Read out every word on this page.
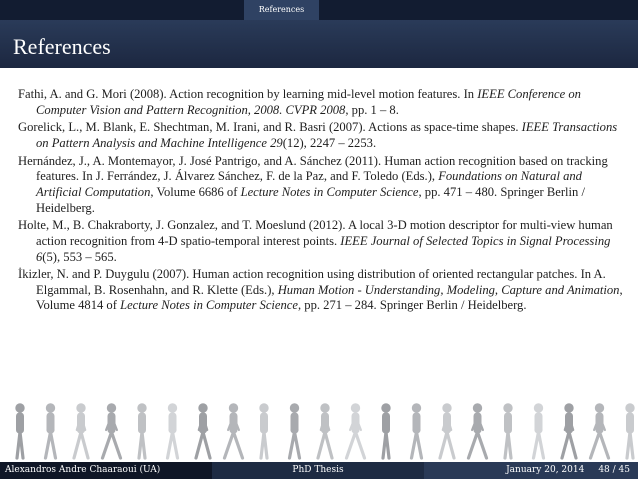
References
References
Fathi, A. and G. Mori (2008). Action recognition by learning mid-level motion features. In IEEE Conference on Computer Vision and Pattern Recognition, 2008. CVPR 2008, pp. 1 – 8.
Gorelick, L., M. Blank, E. Shechtman, M. Irani, and R. Basri (2007). Actions as space-time shapes. IEEE Transactions on Pattern Analysis and Machine Intelligence 29(12), 2247 – 2253.
Hernández, J., A. Montemayor, J. José Pantrigo, and A. Sánchez (2011). Human action recognition based on tracking features. In J. Ferrández, J. Álvarez Sánchez, F. de la Paz, and F. Toledo (Eds.), Foundations on Natural and Artificial Computation, Volume 6686 of Lecture Notes in Computer Science, pp. 471 – 480. Springer Berlin / Heidelberg.
Holte, M., B. Chakraborty, J. Gonzalez, and T. Moeslund (2012). A local 3-D motion descriptor for multi-view human action recognition from 4-D spatio-temporal interest points. IEEE Journal of Selected Topics in Signal Processing 6(5), 553 – 565.
İkizler, N. and P. Duygulu (2007). Human action recognition using distribution of oriented rectangular patches. In A. Elgammal, B. Rosenhahn, and R. Klette (Eds.), Human Motion - Understanding, Modeling, Capture and Animation, Volume 4814 of Lecture Notes in Computer Science, pp. 271 – 284. Springer Berlin / Heidelberg.
Alexandros Andre Chaaraoui (UA)	PhD Thesis	January 20, 2014 48 / 45
